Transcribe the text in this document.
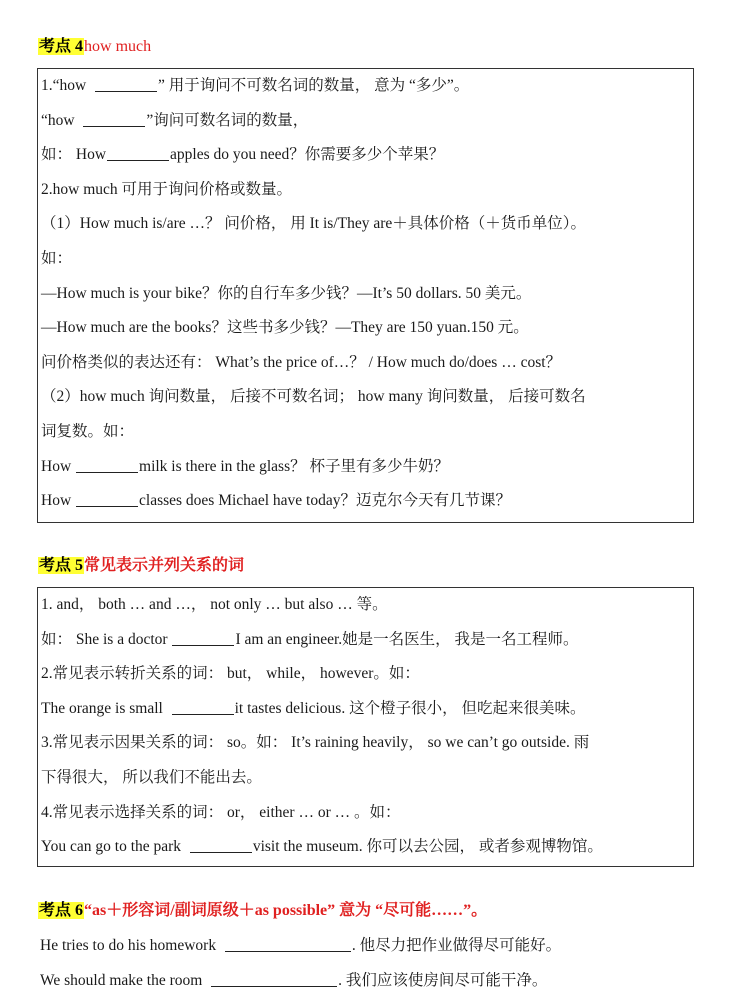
考点 4how much
1.“how	” 用于询问不可数名词的数量， 意为 “多少”。
“how	”询问可数名词的数量，
如： How	apples do you need？你需要多少个苹果？
2.how much 可用于询问价格或数量。
（1）How much is/are …？ 问价格， 用 It is/They are＋具体价格（＋货币单位）。
如：
—How much is your bike？你的自行车多少钱？—It’s 50 dollars. 50 美元。
—How much are the books？这些书多少钱？—They are 150 yuan.150 元。
问价格类似的表达还有： What’s the price of…？ / How much do/does … cost？
（2）how much 询问数量， 后接不可数名词； how many 询问数量， 后接可数名
词复数。如：
How	milk is there in the glass？ 杯子里有多少牛奶？
How	classes does Michael have today？迈克尔今天有几节课？
考点 5常见表示并列关系的词
1. and， both … and …， not only … but also … 等。
如： She is a doctor	I am an engineer.她是一名医生， 我是一名工程师。
2.常见表示转折关系的词： but， while， however。如：
The orange is small	it tastes delicious. 这个橙子很小， 但吃起来很美味。
3.常见表示因果关系的词： so。如： It’s raining heavily， so we can’t go outside. 雨
下得很大， 所以我们不能出去。
4.常见表示选择关系的词： or， either … or … 。如：
You can go to the park	visit the museum. 你可以去公园， 或者参观博物馆。
考点 6“as＋形容词/副词原级＋as possible” 意为 “尽可能……”。
He tries to do his homework	. 他尽力把作业做得尽可能好。
We should make the room	. 我们应该使房间尽可能干净。
